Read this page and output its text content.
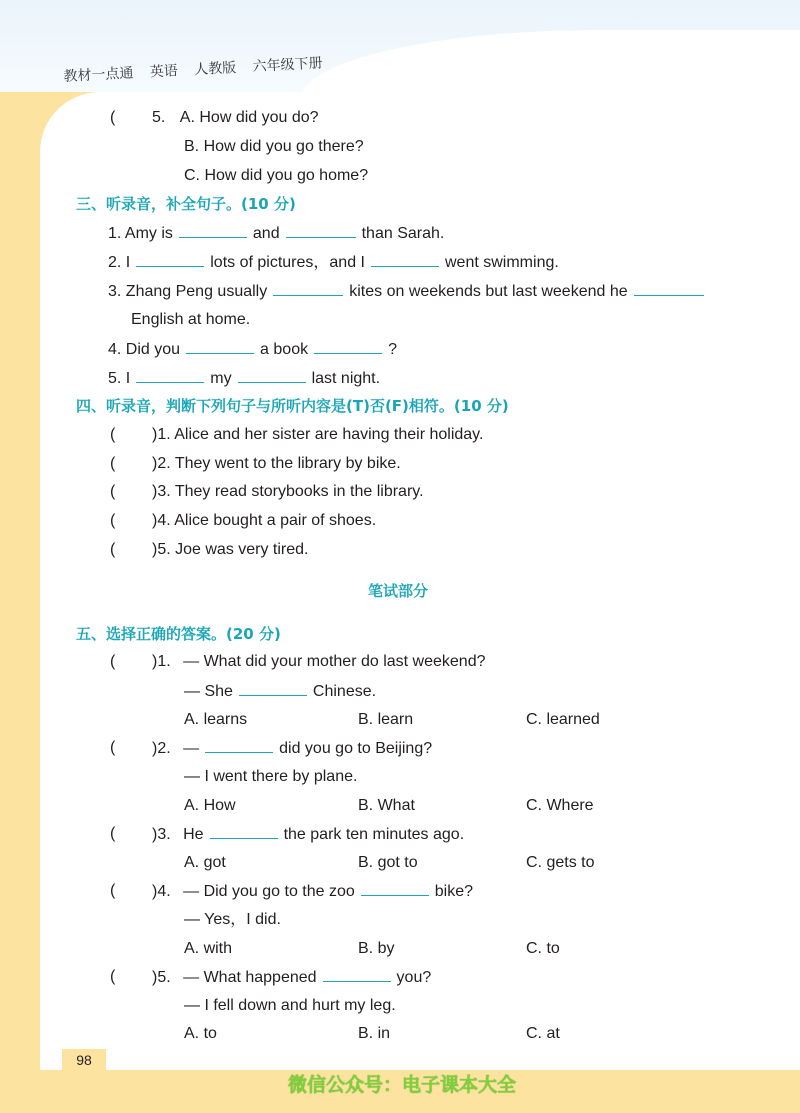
教材一点通 英语 人教版 六年级下册
( 5. A. How did you do?
B. How did you go there?
C. How did you go home?
三、听录音，补全句子。(10 分)
1. Amy is	and	than Sarah.
2. I	lots of pictures，and I	went swimming.
3. Zhang Peng usually	kites on weekends but last weekend he
English at home.
4. Did you	a book	?
5. I	my	last night.
四、听录音，判断下列句子与所听内容是(T)否(F)相符。(10 分)
( )1. Alice and her sister are having their holiday.
( )2. They went to the library by bike.
( )3. They read storybooks in the library.
( )4. Alice bought a pair of shoes.
( )5. Joe was very tired.
笔试部分
五、选择正确的答案。(20 分)
( )1. — What did your mother do last weekend?
— She	Chinese.
A. learns	B. learn	C. learned
( )2. —	did you go to Beijing?
— I went there by plane.
A. How	B. What	C. Where
( )3. He	the park ten minutes ago.
A. got	B. got to	C. gets to
( )4. — Did you go to the zoo	bike?
— Yes，I did.
A. with	B. by	C. to
( )5. — What happened	you?
— I fell down and hurt my leg.
A. to	B. in	C. at
98
微信公众号：电子课本大全
